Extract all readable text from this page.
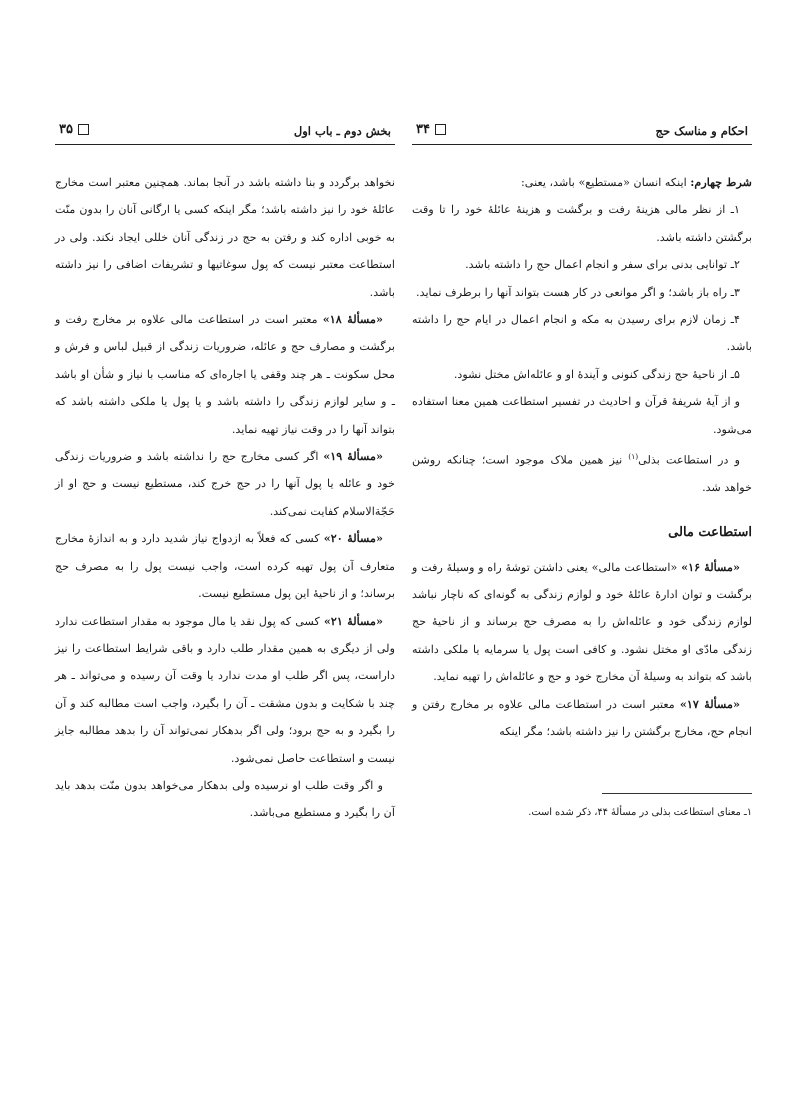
بخش دوم ـ باب اول
۳۵

نخواهد برگردد و بنا داشته باشد در آنجا بماند. همچنین معتبر است مخارج عائلهٔ خود را نیز داشته باشد؛ مگر اینکه کسی یا ارگانی آنان را بدون منّت به خوبی اداره کند و رفتن به حج در زندگی آنان خللی ایجاد نکند. ولی در استطاعت معتبر نیست که پول سوغاتیها و تشریفات اضافی را نیز داشته باشد.

«مسألهٔ ۱۸» معتبر است در استطاعت مالی علاوه بر مخارج رفت و برگشت و مصارف حج و عائله، ضروریات زندگی از قبیل لباس و فرش و محل سکونت ـ هر چند وقفی یا اجاره‌ای که مناسب با نیاز و شأن او باشد ـ و سایر لوازم زندگی را داشته باشد و یا پول یا ملکی داشته باشد که بتواند آنها را در وقت نیاز تهیه نماید.

«مسألهٔ ۱۹» اگر کسی مخارج حج را نداشته باشد و ضروریات زندگی خود و عائله یا پول آنها را در حج خرج کند، مستطیع نیست و حج او از حَجّةالاسلام کفایت نمی‌کند.

«مسألهٔ ۲۰» کسی که فعلاً به ازدواج نیاز شدید دارد و به اندازهٔ مخارج متعارف آن پول تهیه کرده است، واجب نیست پول را به مصرف حج برساند؛ و از ناحیهٔ این پول مستطیع نیست.

«مسألهٔ ۲۱» کسی که پول نقد یا مال موجود به مقدار استطاعت ندارد ولی از دیگری به همین مقدار طلب دارد و باقی شرایط استطاعت را نیز داراست، پس اگر طلب او مدت ندارد یا وقت آن رسیده و می‌تواند ـ هر چند با شکایت و بدون مشقت ـ آن را بگیرد، واجب است مطالبه کند و آن را بگیرد و به حج برود؛ ولی اگر بدهکار نمی‌تواند آن را بدهد مطالبه جایز نیست و استطاعت حاصل نمی‌شود.

و اگر وقت طلب او نرسیده ولی بدهکار می‌خواهد بدون منّت بدهد باید آن را بگیرد و مستطیع می‌باشد.

احکام و مناسک حج
۳۴

شرط چهارم: اینکه انسان «مستطیع» باشد، یعنی:

۱ـ از نظر مالی هزینهٔ رفت و برگشت و هزینهٔ عائلهٔ خود را تا وقت برگشتن داشته باشد.

۲ـ توانایی بدنی برای سفر و انجام اعمال حج را داشته باشد.

۳ـ راه باز باشد؛ و اگر موانعی در کار هست بتواند آنها را برطرف نماید.

۴ـ زمان لازم برای رسیدن به مکه و انجام اعمال در ایام حج را داشته باشد.

۵ـ از ناحیهٔ حج زندگی کنونی و آیندهٔ او و عائله‌اش مختل نشود.

و از آیهٔ شریفهٔ قرآن و احادیث در تفسیر استطاعت همین معنا استفاده می‌شود.

و در استطاعت بذلی$^{(۱)}$ نیز همین ملاک موجود است؛ چنانکه روشن خواهد شد.

استطاعت مالی

«مسألهٔ ۱۶» «استطاعت مالی» یعنی داشتن توشهٔ راه و وسیلهٔ رفت و برگشت و توان ادارهٔ عائلهٔ خود و لوازم زندگی به گونه‌ای که ناچار نباشد لوازم زندگی خود و عائله‌اش را به مصرف حج برساند و از ناحیهٔ حج زندگی مادّی او مختل نشود. و کافی است پول یا سرمایه یا ملکی داشته باشد که بتواند به وسیلهٔ آن مخارج خود و حج و عائله‌اش را تهیه نماید.

«مسألهٔ ۱۷» معتبر است در استطاعت مالی علاوه بر مخارج رفتن و انجام حج، مخارج برگشتن را نیز داشته باشد؛ مگر اینکه

۱ـ معنای استطاعت بذلی در مسألهٔ ۴۴، ذکر شده است.
